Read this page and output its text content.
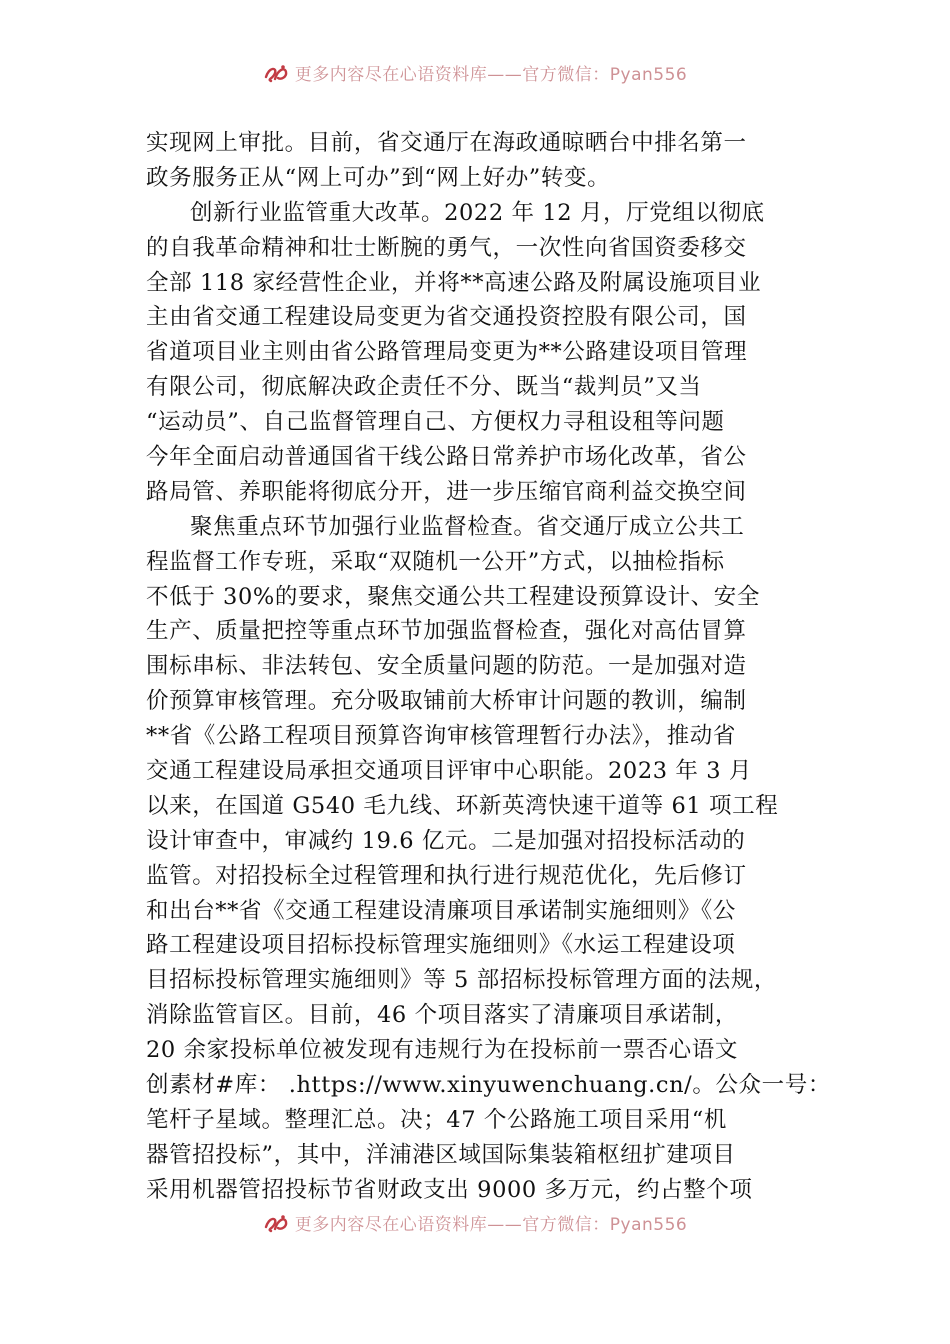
更多内容尽在心语资料库——官方微信：Pyan556
实现网上审批。目前，省交通厅在海政通晾晒台中排名第一
政务服务正从“网上可办”到“网上好办”转变。
创新行业监管重大改革。2022 年 12 月，厅党组以彻底
的自我革命精神和壮士断腕的勇气，一次性向省国资委移交
全部 118 家经营性企业，并将**高速公路及附属设施项目业
主由省交通工程建设局变更为省交通投资控股有限公司，国
省道项目业主则由省公路管理局变更为**公路建设项目管理
有限公司，彻底解决政企责任不分、既当“裁判员”又当
“运动员”、自己监督管理自己、方便权力寻租设租等问题
今年全面启动普通国省干线公路日常养护市场化改革，省公
路局管、养职能将彻底分开，进一步压缩官商利益交换空间
聚焦重点环节加强行业监督检查。省交通厅成立公共工
程监督工作专班，采取“双随机一公开”方式，以抽检指标
不低于 30%的要求，聚焦交通公共工程建设预算设计、安全
生产、质量把控等重点环节加强监督检查，强化对高估冒算
围标串标、非法转包、安全质量问题的防范。一是加强对造
价预算审核管理。充分吸取铺前大桥审计问题的教训，编制
**省《公路工程项目预算咨询审核管理暂行办法》，推动省
交通工程建设局承担交通项目评审中心职能。2023 年 3 月
以来，在国道 G540 毛九线、环新英湾快速干道等 61 项工程
设计审查中，审减约 19.6 亿元。二是加强对招投标活动的
监管。对招投标全过程管理和执行进行规范优化，先后修订
和出台**省《交通工程建设清廉项目承诺制实施细则》《公
路工程建设项目招标投标管理实施细则》《水运工程建设项
目招标投标管理实施细则》等 5 部招标投标管理方面的法规，
消除监管盲区。目前，46 个项目落实了清廉项目承诺制，
20 余家投标单位被发现有违规行为在投标前一票否心语文
创素材#库： .https://www.xinyuwenchuang.cn/。公众一号：
笔杆子星域。整理汇总。决；47 个公路施工项目采用“机
器管招投标”，其中，洋浦港区域国际集装箱枢纽扩建项目
采用机器管招投标节省财政支出 9000 多万元，约占整个项
更多内容尽在心语资料库——官方微信：Pyan556
